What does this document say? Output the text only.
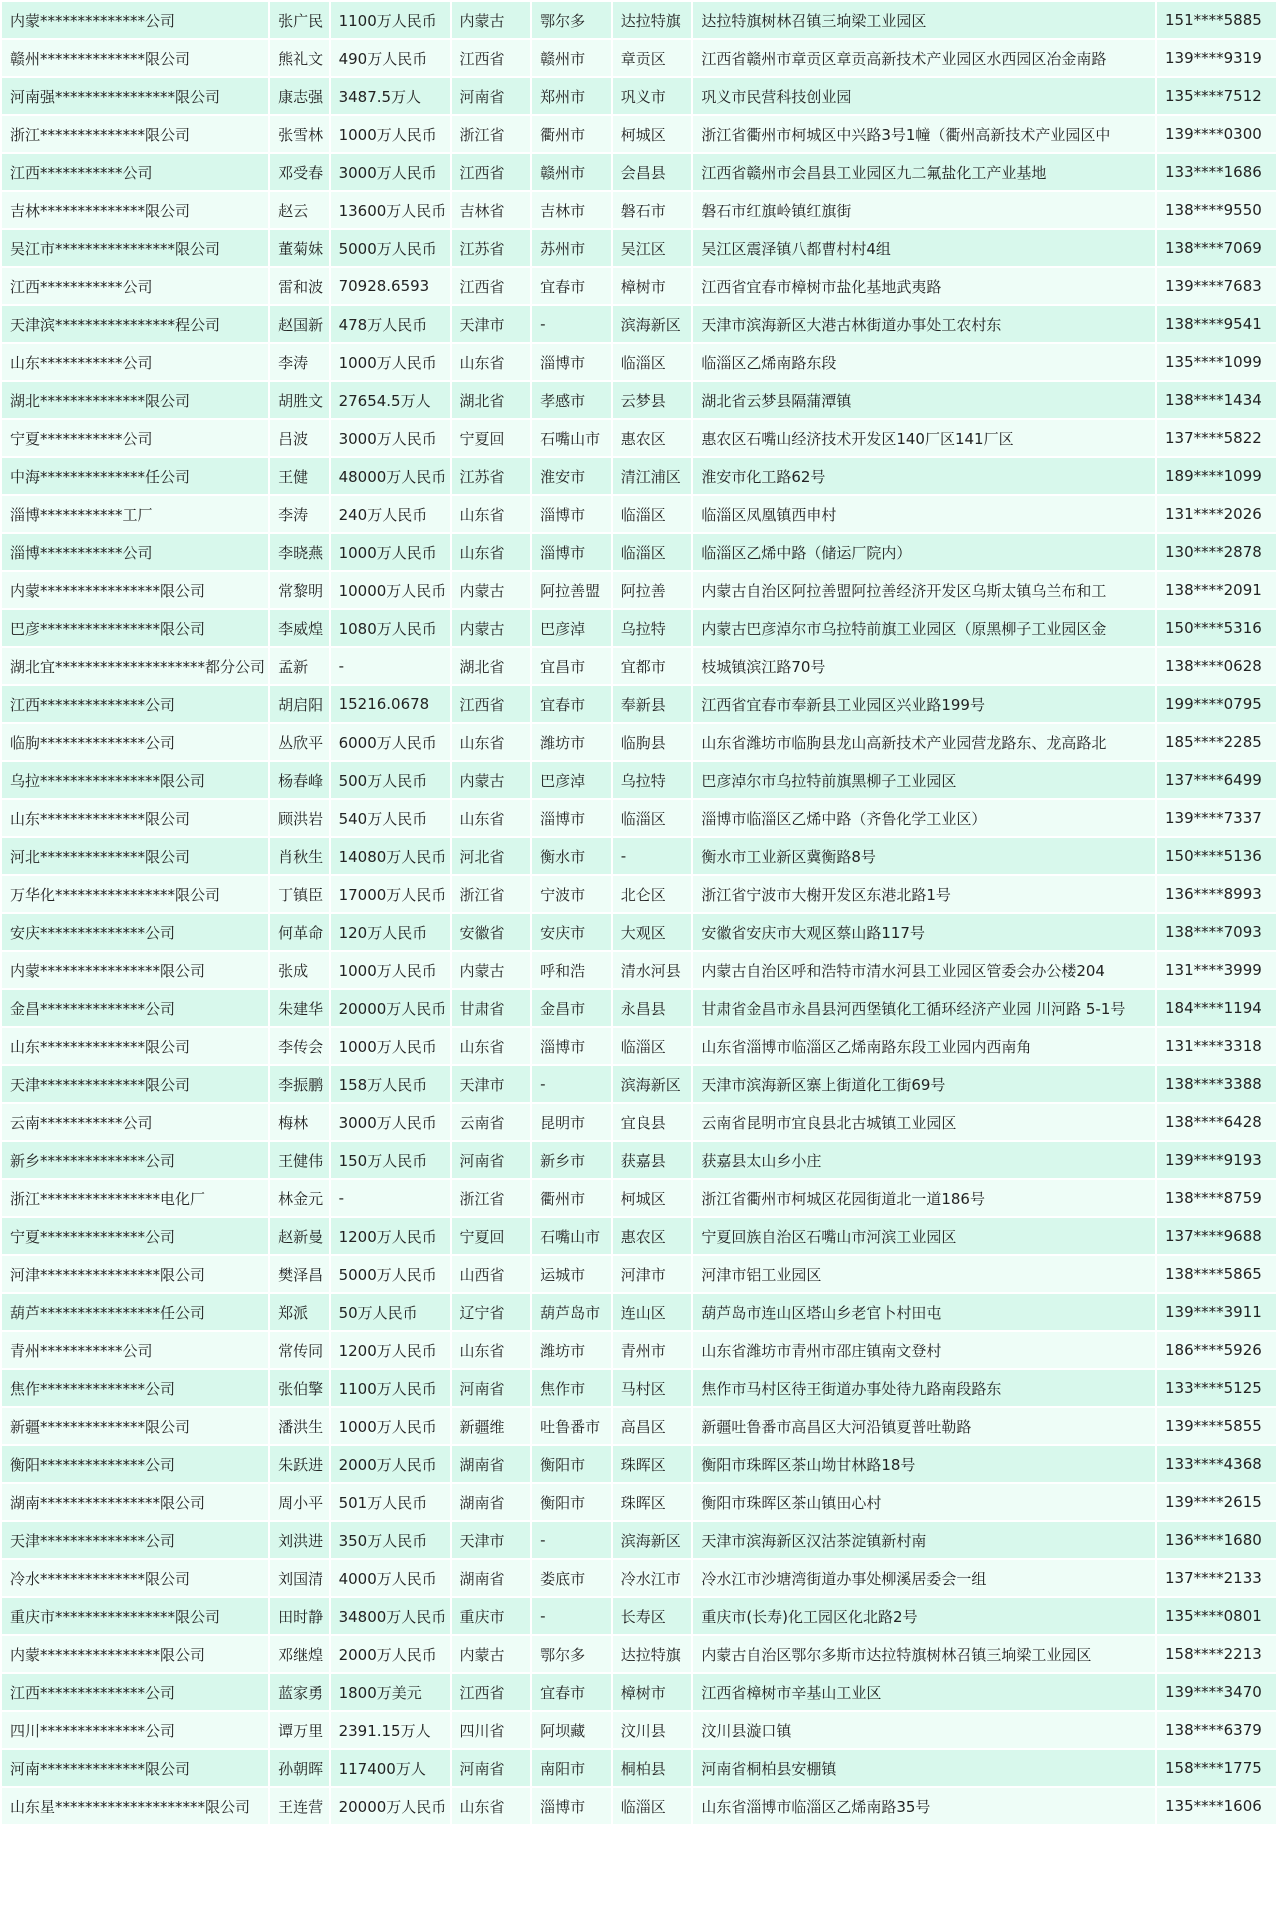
内蒙**************公司	张广民	1100万人民币	内蒙古	鄂尔多	达拉特旗	达拉特旗树林召镇三垧梁工业园区	151****5885
赣州**************限公司	熊礼文	490万人民币	江西省	赣州市	章贡区	江西省赣州市章贡区章贡高新技术产业园区水西园区冶金南路	139****9319
河南强****************限公司	康志强	3487.5万人	河南省	郑州市	巩义市	巩义市民营科技创业园	135****7512
浙江**************限公司	张雪林	1000万人民币	浙江省	衢州市	柯城区	浙江省衢州市柯城区中兴路3号1幢（衢州高新技术产业园区中	139****0300
江西***********公司	邓受春	3000万人民币	江西省	赣州市	会昌县	江西省赣州市会昌县工业园区九二氟盐化工产业基地	133****1686
吉林**************限公司	赵云	13600万人民币	吉林省	吉林市	磐石市	磐石市红旗岭镇红旗街	138****9550
吴江市****************限公司	董菊妹	5000万人民币	江苏省	苏州市	吴江区	吴江区震泽镇八都曹村村4组	138****7069
江西***********公司	雷和波	70928.6593	江西省	宜春市	樟树市	江西省宜春市樟树市盐化基地武夷路	139****7683
天津滨****************程公司	赵国新	478万人民币	天津市	-	滨海新区	天津市滨海新区大港古林街道办事处工农村东	138****9541
山东***********公司	李涛	1000万人民币	山东省	淄博市	临淄区	临淄区乙烯南路东段	135****1099
湖北**************限公司	胡胜文	27654.5万人	湖北省	孝感市	云梦县	湖北省云梦县隔蒲潭镇	138****1434
宁夏***********公司	吕波	3000万人民币	宁夏回	石嘴山市	惠农区	惠农区石嘴山经济技术开发区140厂区141厂区	137****5822
中海**************任公司	王健	48000万人民币	江苏省	淮安市	清江浦区	淮安市化工路62号	189****1099
淄博***********工厂	李涛	240万人民币	山东省	淄博市	临淄区	临淄区凤凰镇西申村	131****2026
淄博***********公司	李晓燕	1000万人民币	山东省	淄博市	临淄区	临淄区乙烯中路（储运厂院内）	130****2878
内蒙****************限公司	常黎明	10000万人民币	内蒙古	阿拉善盟	阿拉善	内蒙古自治区阿拉善盟阿拉善经济开发区乌斯太镇乌兰布和工	138****2091
巴彦****************限公司	李威煌	1080万人民币	内蒙古	巴彦淖	乌拉特	内蒙古巴彦淖尔市乌拉特前旗工业园区（原黑柳子工业园区金	150****5316
湖北宜********************都分公司	孟新	-	湖北省	宜昌市	宜都市	枝城镇滨江路70号	138****0628
江西**************公司	胡启阳	15216.0678	江西省	宜春市	奉新县	江西省宜春市奉新县工业园区兴业路199号	199****0795
临朐**************公司	丛欣平	6000万人民币	山东省	潍坊市	临朐县	山东省潍坊市临朐县龙山高新技术产业园营龙路东、龙高路北	185****2285
乌拉****************限公司	杨春峰	500万人民币	内蒙古	巴彦淖	乌拉特	巴彦淖尔市乌拉特前旗黑柳子工业园区	137****6499
山东**************限公司	顾洪岩	540万人民币	山东省	淄博市	临淄区	淄博市临淄区乙烯中路（齐鲁化学工业区）	139****7337
河北**************限公司	肖秋生	14080万人民币	河北省	衡水市	-	衡水市工业新区冀衡路8号	150****5136
万华化****************限公司	丁镇臣	17000万人民币	浙江省	宁波市	北仑区	浙江省宁波市大榭开发区东港北路1号	136****8993
安庆**************公司	何革命	120万人民币	安徽省	安庆市	大观区	安徽省安庆市大观区蔡山路117号	138****7093
内蒙****************限公司	张成	1000万人民币	内蒙古	呼和浩	清水河县	内蒙古自治区呼和浩特市清水河县工业园区管委会办公楼204	131****3999
金昌**************公司	朱建华	20000万人民币	甘肃省	金昌市	永昌县	甘肃省金昌市永昌县河西堡镇化工循环经济产业园 川河路 5-1号	184****1194
山东**************限公司	李传会	1000万人民币	山东省	淄博市	临淄区	山东省淄博市临淄区乙烯南路东段工业园内西南角	131****3318
天津**************限公司	李振鹏	158万人民币	天津市	-	滨海新区	天津市滨海新区寨上街道化工街69号	138****3388
云南***********公司	梅林	3000万人民币	云南省	昆明市	宜良县	云南省昆明市宜良县北古城镇工业园区	138****6428
新乡**************公司	王健伟	150万人民币	河南省	新乡市	获嘉县	获嘉县太山乡小庄	139****9193
浙江****************电化厂	林金元	-	浙江省	衢州市	柯城区	浙江省衢州市柯城区花园街道北一道186号	138****8759
宁夏**************公司	赵新曼	1200万人民币	宁夏回	石嘴山市	惠农区	宁夏回族自治区石嘴山市河滨工业园区	137****9688
河津****************限公司	樊泽昌	5000万人民币	山西省	运城市	河津市	河津市铝工业园区	138****5865
葫芦****************任公司	郑派	50万人民币	辽宁省	葫芦岛市	连山区	葫芦岛市连山区塔山乡老官卜村田屯	139****3911
青州***********公司	常传同	1200万人民币	山东省	潍坊市	青州市	山东省潍坊市青州市邵庄镇南文登村	186****5926
焦作**************公司	张伯擎	1100万人民币	河南省	焦作市	马村区	焦作市马村区待王街道办事处待九路南段路东	133****5125
新疆**************限公司	潘洪生	1000万人民币	新疆维	吐鲁番市	高昌区	新疆吐鲁番市高昌区大河沿镇夏普吐勒路	139****5855
衡阳**************公司	朱跃进	2000万人民币	湖南省	衡阳市	珠晖区	衡阳市珠晖区茶山坳甘林路18号	133****4368
湖南****************限公司	周小平	501万人民币	湖南省	衡阳市	珠晖区	衡阳市珠晖区茶山镇田心村	139****2615
天津**************公司	刘洪进	350万人民币	天津市	-	滨海新区	天津市滨海新区汉沽茶淀镇新村南	136****1680
冷水**************限公司	刘国清	4000万人民币	湖南省	娄底市	冷水江市	冷水江市沙塘湾街道办事处柳溪居委会一组	137****2133
重庆市****************限公司	田时静	34800万人民币	重庆市	-	长寿区	重庆市(长寿)化工园区化北路2号	135****0801
内蒙****************限公司	邓继煌	2000万人民币	内蒙古	鄂尔多	达拉特旗	内蒙古自治区鄂尔多斯市达拉特旗树林召镇三垧梁工业园区	158****2213
江西**************公司	蓝家勇	1800万美元	江西省	宜春市	樟树市	江西省樟树市辛基山工业区	139****3470
四川**************公司	谭万里	2391.15万人	四川省	阿坝藏	汶川县	汶川县漩口镇	138****6379
河南**************限公司	孙朝晖	117400万人	河南省	南阳市	桐柏县	河南省桐柏县安棚镇	158****1775
山东星********************限公司	王连营	20000万人民币	山东省	淄博市	临淄区	山东省淄博市临淄区乙烯南路35号	135****1606
